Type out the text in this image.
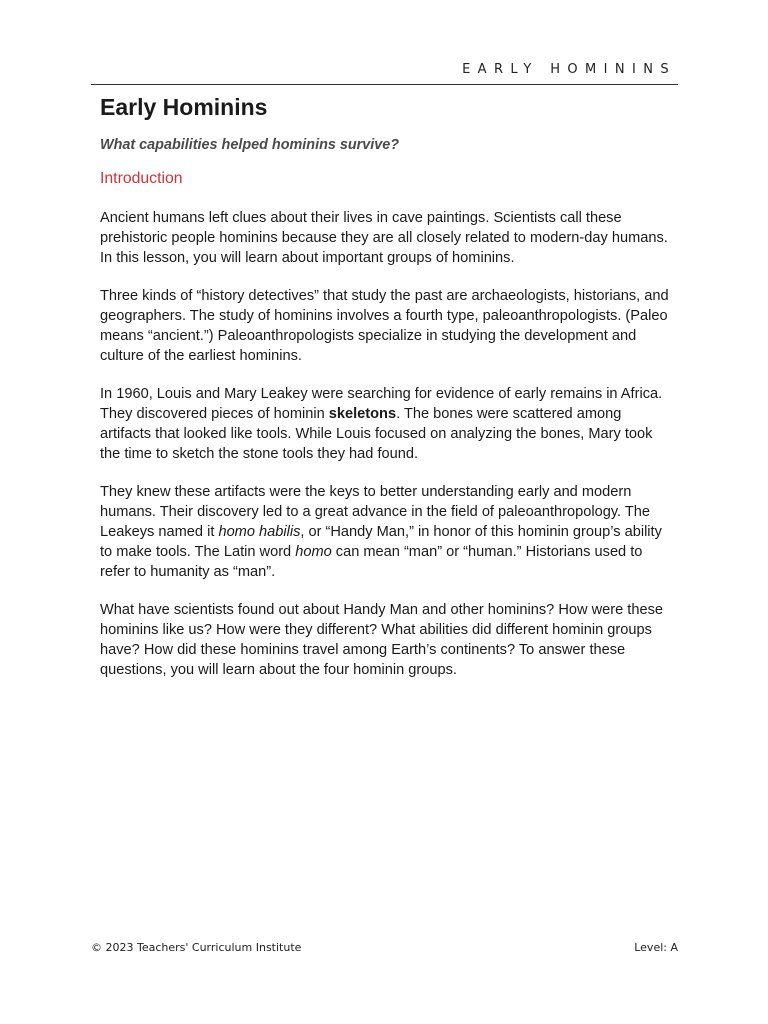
EARLY HOMININS
Early Hominins

What capabilities helped hominins survive?

Introduction

Ancient humans left clues about their lives in cave paintings. Scientists call these prehistoric people hominins because they are all closely related to modern-day humans. In this lesson, you will learn about important groups of hominins.

Three kinds of “history detectives” that study the past are archaeologists, historians, and geographers. The study of hominins involves a fourth type, paleoanthropologists. (Paleo means “ancient.”) Paleoanthropologists specialize in studying the development and culture of the earliest hominins.

In 1960, Louis and Mary Leakey were searching for evidence of early remains in Africa. They discovered pieces of hominin skeletons. The bones were scattered among artifacts that looked like tools. While Louis focused on analyzing the bones, Mary took the time to sketch the stone tools they had found.

They knew these artifacts were the keys to better understanding early and modern humans. Their discovery led to a great advance in the field of paleoanthropology. The Leakeys named it homo habilis, or “Handy Man,” in honor of this hominin group’s ability to make tools. The Latin word homo can mean “man” or “human.” Historians used to refer to humanity as “man”.

What have scientists found out about Handy Man and other hominins? How were these hominins like us? How were they different? What abilities did different hominin groups have? How did these hominins travel among Earth’s continents? To answer these questions, you will learn about the four hominin groups.

© 2023 Teachers' Curriculum Institute	Level: A
